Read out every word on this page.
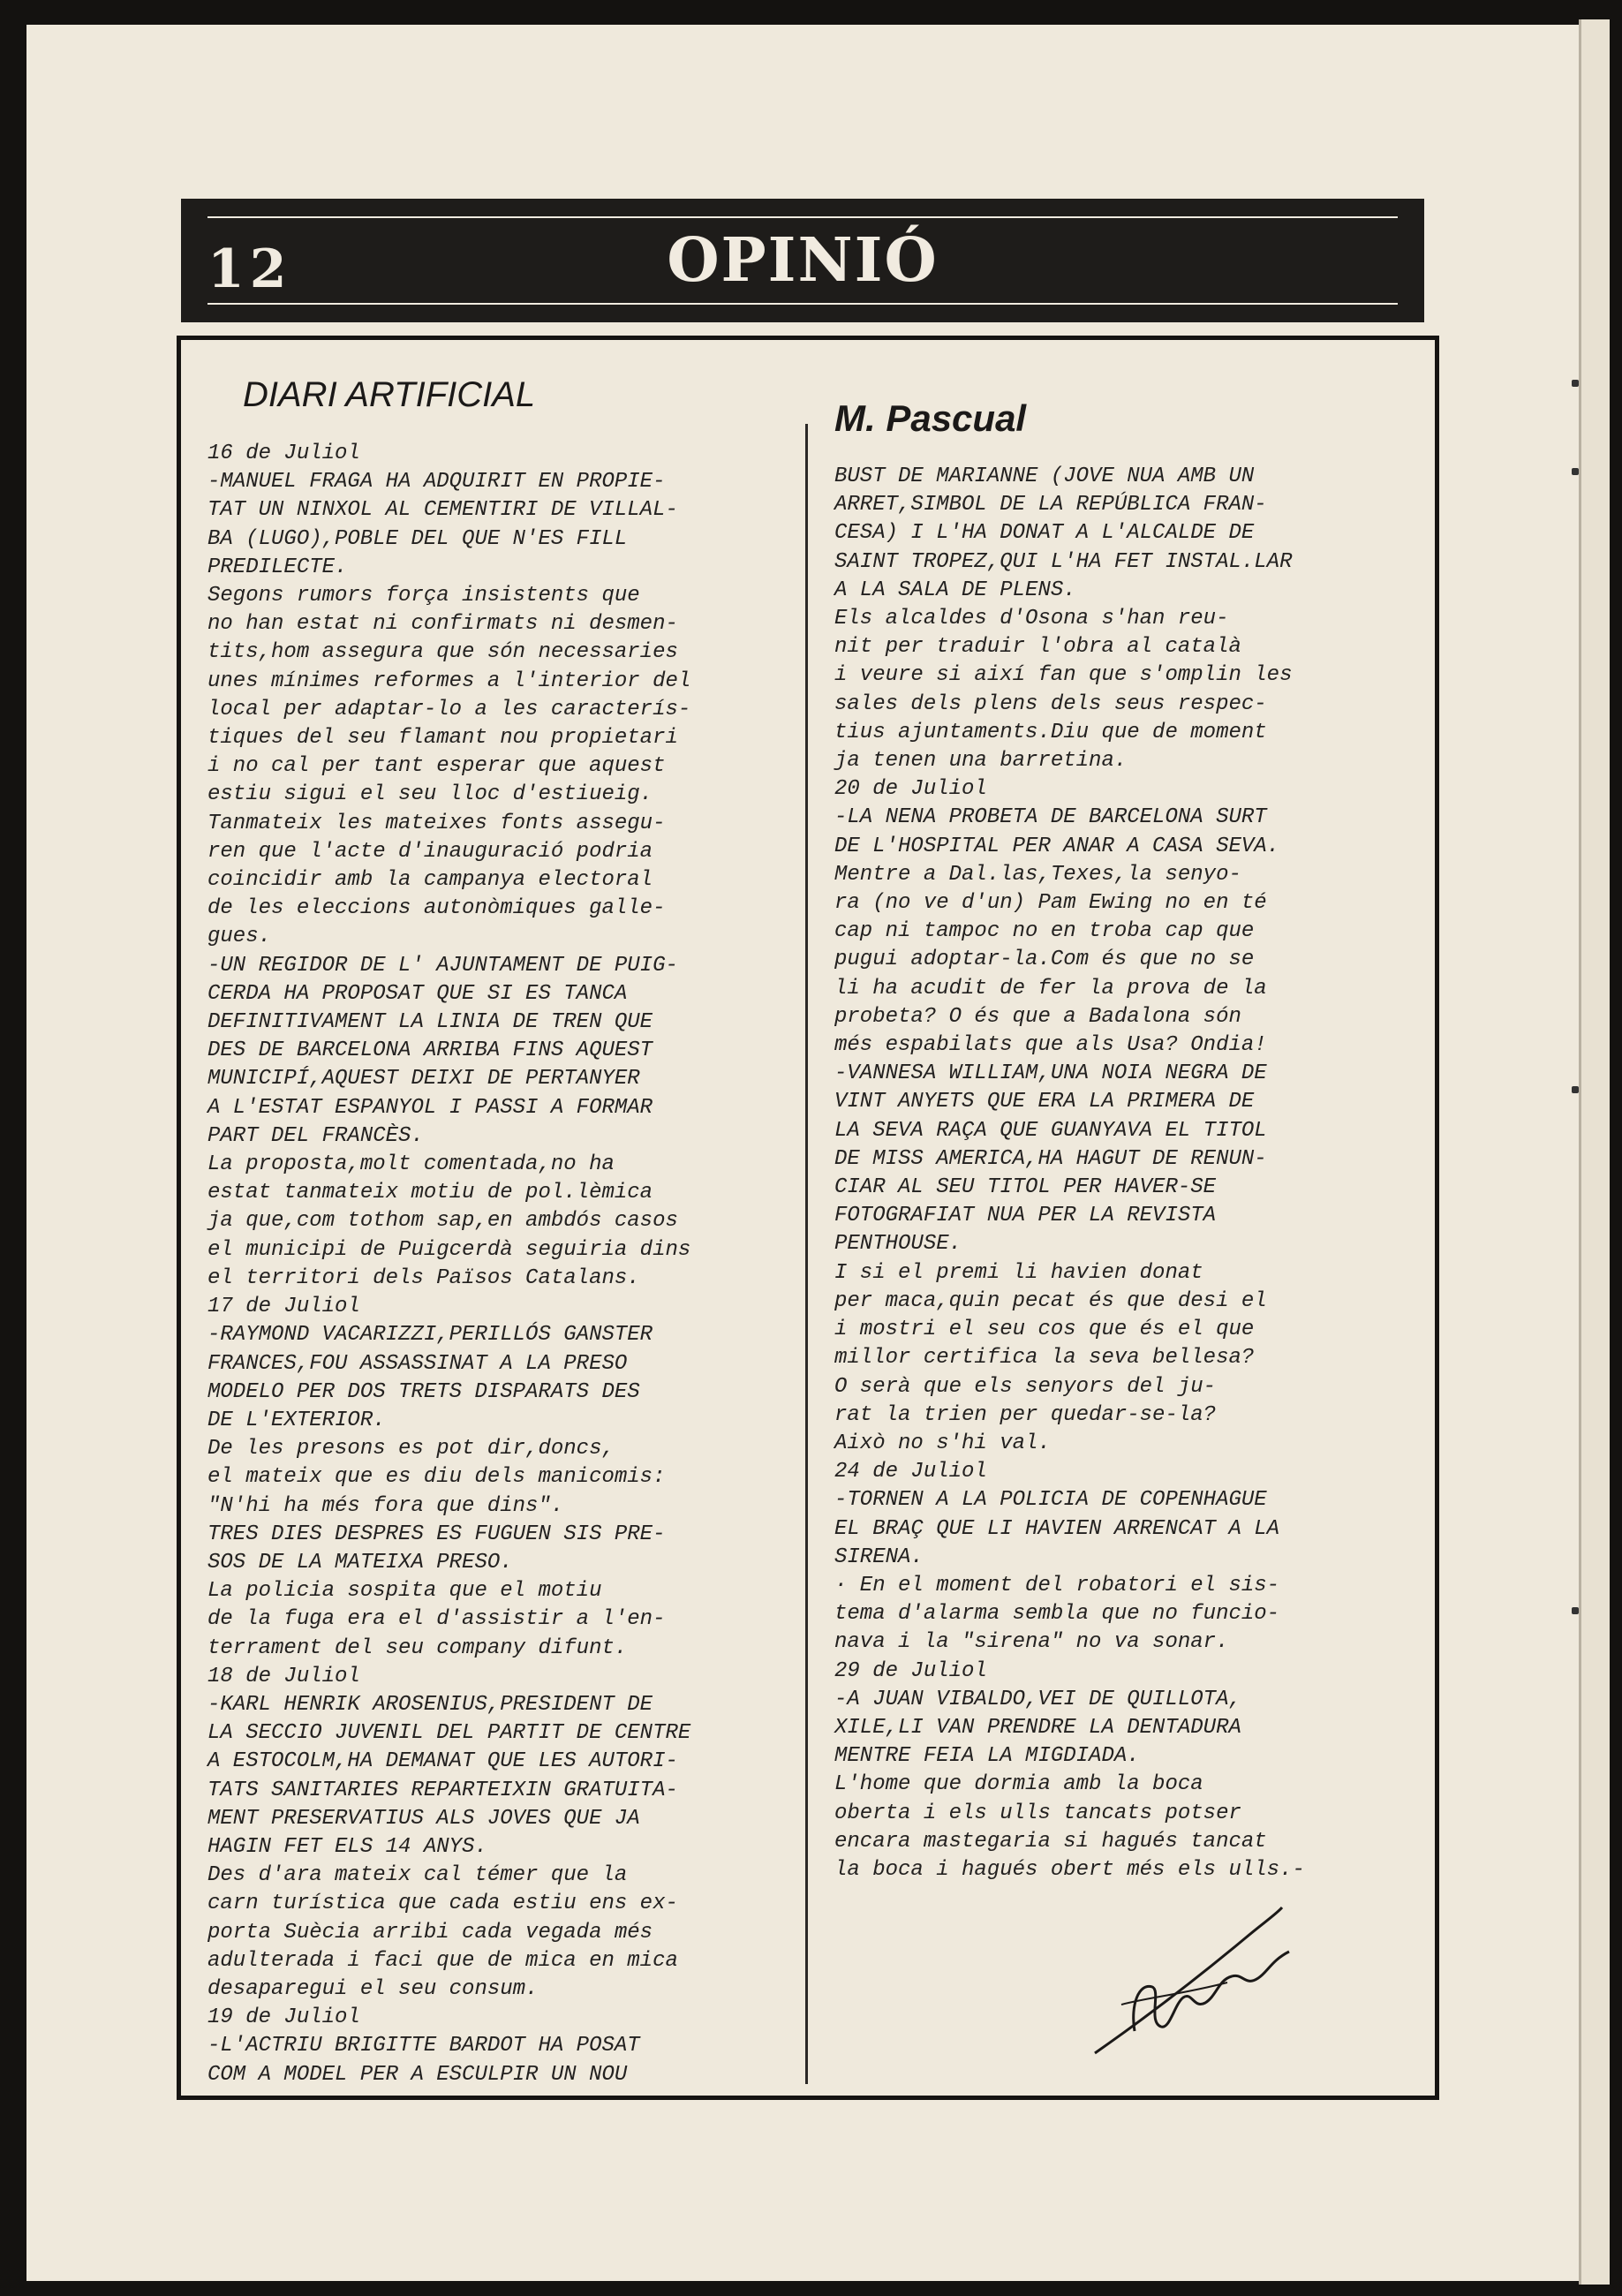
12	OPINIÓ
DIARI ARTIFICIAL
M. Pascual

16 de Juliol

-MANUEL FRAGA HA ADQUIRIT EN PROPIE-
TAT UN NINXOL AL CEMENTIRI DE VILLAL-
BA (LUGO),POBLE DEL QUE N'ES FILL
PREDILECTE.

Segons rumors força insistents que
no han estat ni confirmats ni desmen-
tits,hom assegura que són necessaries
unes mínimes reformes a l'interior del
local per adaptar-lo a les caracterís-
tiques del seu flamant nou propietari
i no cal per tant esperar que aquest
estiu sigui el seu lloc d'estiueig.
Tanmateix les mateixes fonts assegu-
ren que l'acte d'inauguració podria
coincidir amb la campanya electoral
de les eleccions autonòmiques galle-
gues.

-UN REGIDOR DE L' AJUNTAMENT DE PUIG-
CERDA HA PROPOSAT QUE SI ES TANCA
DEFINITIVAMENT LA LINIA DE TREN QUE
DES DE BARCELONA ARRIBA FINS AQUEST
MUNICIPÍ,AQUEST DEIXI DE PERTANYER
A L'ESTAT ESPANYOL I PASSI A FORMAR
PART DEL FRANCÈS.

La proposta,molt comentada,no ha
estat tanmateix motiu de pol.lèmica
ja que,com tothom sap,en ambdós casos
el municipi de Puigcerdà seguiria dins
el territori dels Països Catalans.

17 de Juliol

-RAYMOND VACARIZZI,PERILLÓS GANSTER
FRANCES,FOU ASSASSINAT A LA PRESO
MODELO PER DOS TRETS DISPARATS DES
DE L'EXTERIOR.

De les presons es pot dir,doncs,
el mateix que es diu dels manicomis:
"N'hi ha més fora que dins".
TRES DIES DESPRES ES FUGUEN SIS PRE-
SOS DE LA MATEIXA PRESO.

La policia sospita que el motiu
de la fuga era el d'assistir a l'en-
terrament del seu company difunt.

18 de Juliol

-KARL HENRIK AROSENIUS,PRESIDENT DE
LA SECCIO JUVENIL DEL PARTIT DE CENTRE
A ESTOCOLM,HA DEMANAT QUE LES AUTORI-
TATS SANITARIES REPARTEIXIN GRATUITA-
MENT PRESERVATIUS ALS JOVES QUE JA
HAGIN FET ELS 14 ANYS.

Des d'ara mateix cal témer que la
carn turística que cada estiu ens ex-
porta Suècia arribi cada vegada més
adulterada i faci que de mica en mica
desaparegui el seu consum.

19 de Juliol

-L'ACTRIU BRIGITTE BARDOT HA POSAT
COM A MODEL PER A ESCULPIR UN NOU

BUST DE MARIANNE (JOVE NUA AMB UN
ARRET,SIMBOL DE LA REPÚBLICA FRAN-
CESA) I L'HA DONAT A L'ALCALDE DE
SAINT TROPEZ,QUI L'HA FET INSTAL.LAR
A LA SALA DE PLENS.

Els alcaldes d'Osona s'han reu-
nit per traduir l'obra al català
i veure si així fan que s'omplin les
sales dels plens dels seus respec-
tius ajuntaments.Diu que de moment
ja tenen una barretina.

20 de Juliol

-LA NENA PROBETA DE BARCELONA SURT
DE L'HOSPITAL PER ANAR A CASA SEVA.

Mentre a Dal.las,Texes,la senyo-
ra (no ve d'un) Pam Ewing no en té
cap ni tampoc no en troba cap que
pugui adoptar-la.Com és que no se
li ha acudit de fer la prova de la
probeta? O és que a Badalona són
més espabilats que als Usa? Ondia!

-VANNESA WILLIAM,UNA NOIA NEGRA DE
VINT ANYETS QUE ERA LA PRIMERA DE
LA SEVA RAÇA QUE GUANYAVA EL TITOL
DE MISS AMERICA,HA HAGUT DE RENUN-
CIAR AL SEU TITOL PER HAVER-SE
FOTOGRAFIAT NUA PER LA REVISTA
PENTHOUSE.

I si el premi li havien donat
per maca,quin pecat és que desi el
i mostri el seu cos que és el que
millor certifica la seva bellesa?

O serà que els senyors del ju-
rat la trien per quedar-se-la?
Això no s'hi val.

24 de Juliol

-TORNEN A LA POLICIA DE COPENHAGUE
EL BRAÇ QUE LI HAVIEN ARRENCAT A LA
SIRENA.

· En el moment del robatori el sis-
tema d'alarma sembla que no funcio-
nava i la "sirena" no va sonar.

29 de Juliol

-A JUAN VIBALDO,VEI DE QUILLOTA,
XILE,LI VAN PRENDRE LA DENTADURA
MENTRE FEIA LA MIGDIADA.

L'home que dormia amb la boca
oberta i els ulls tancats potser
encara mastegaria si hagués tancat
la boca i hagués obert més els ulls.-
